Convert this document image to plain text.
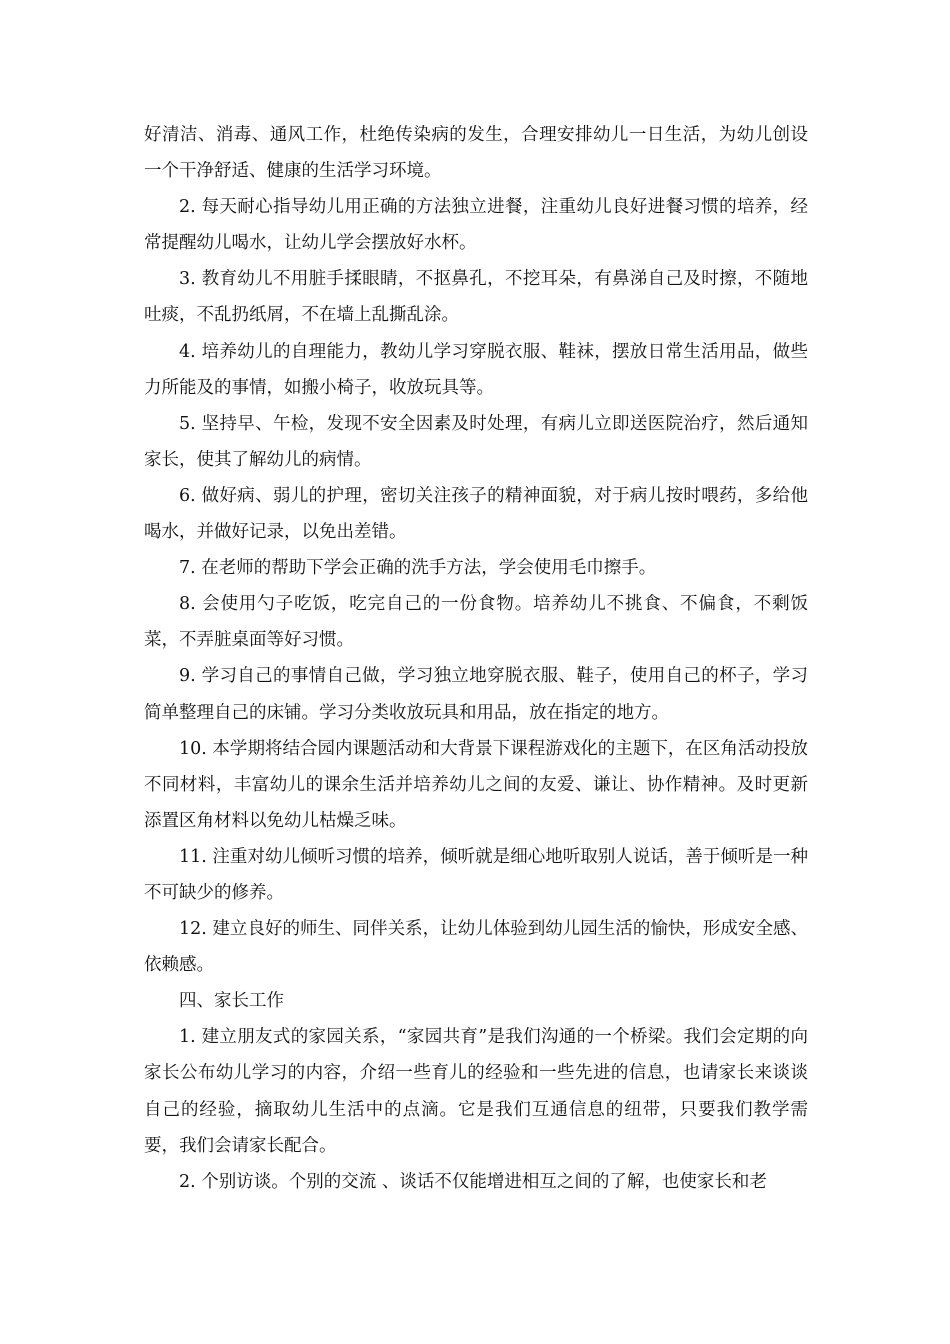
好清洁、消毒、通风工作，杜绝传染病的发生，合理安排幼儿一日生活，为幼儿创设一个干净舒适、健康的生活学习环境。

2. 每天耐心指导幼儿用正确的方法独立进餐，注重幼儿良好进餐习惯的培养，经常提醒幼儿喝水，让幼儿学会摆放好水杯。

3. 教育幼儿不用脏手揉眼睛，不抠鼻孔，不挖耳朵，有鼻涕自己及时擦，不随地吐痰，不乱扔纸屑，不在墙上乱撕乱涂。

4. 培养幼儿的自理能力，教幼儿学习穿脱衣服、鞋袜，摆放日常生活用品，做些力所能及的事情，如搬小椅子，收放玩具等。

5. 坚持早、午检，发现不安全因素及时处理，有病儿立即送医院治疗，然后通知家长，使其了解幼儿的病情。

6. 做好病、弱儿的护理，密切关注孩子的精神面貌，对于病儿按时喂药，多给他喝水，并做好记录，以免出差错。

7. 在老师的帮助下学会正确的洗手方法，学会使用毛巾擦手。

8. 会使用勺子吃饭，吃完自己的一份食物。培养幼儿不挑食、不偏食，不剩饭菜，不弄脏桌面等好习惯。

9. 学习自己的事情自己做，学习独立地穿脱衣服、鞋子，使用自己的杯子，学习简单整理自己的床铺。学习分类收放玩具和用品，放在指定的地方。

10. 本学期将结合园内课题活动和大背景下课程游戏化的主题下，在区角活动投放不同材料，丰富幼儿的课余生活并培养幼儿之间的友爱、谦让、协作精神。及时更新添置区角材料以免幼儿枯燥乏味。

11. 注重对幼儿倾听习惯的培养，倾听就是细心地听取别人说话，善于倾听是一种不可缺少的修养。

12. 建立良好的师生、同伴关系，让幼儿体验到幼儿园生活的愉快，形成安全感、依赖感。

四、家长工作

1. 建立朋友式的家园关系，“家园共育”是我们沟通的一个桥梁。我们会定期的向家长公布幼儿学习的内容，介绍一些育儿的经验和一些先进的信息，也请家长来谈谈自己的经验，摘取幼儿生活中的点滴。它是我们互通信息的纽带，只要我们教学需要，我们会请家长配合。

2. 个别访谈。个别的交流 、谈话不仅能增进相互之间的了解，也使家长和老
